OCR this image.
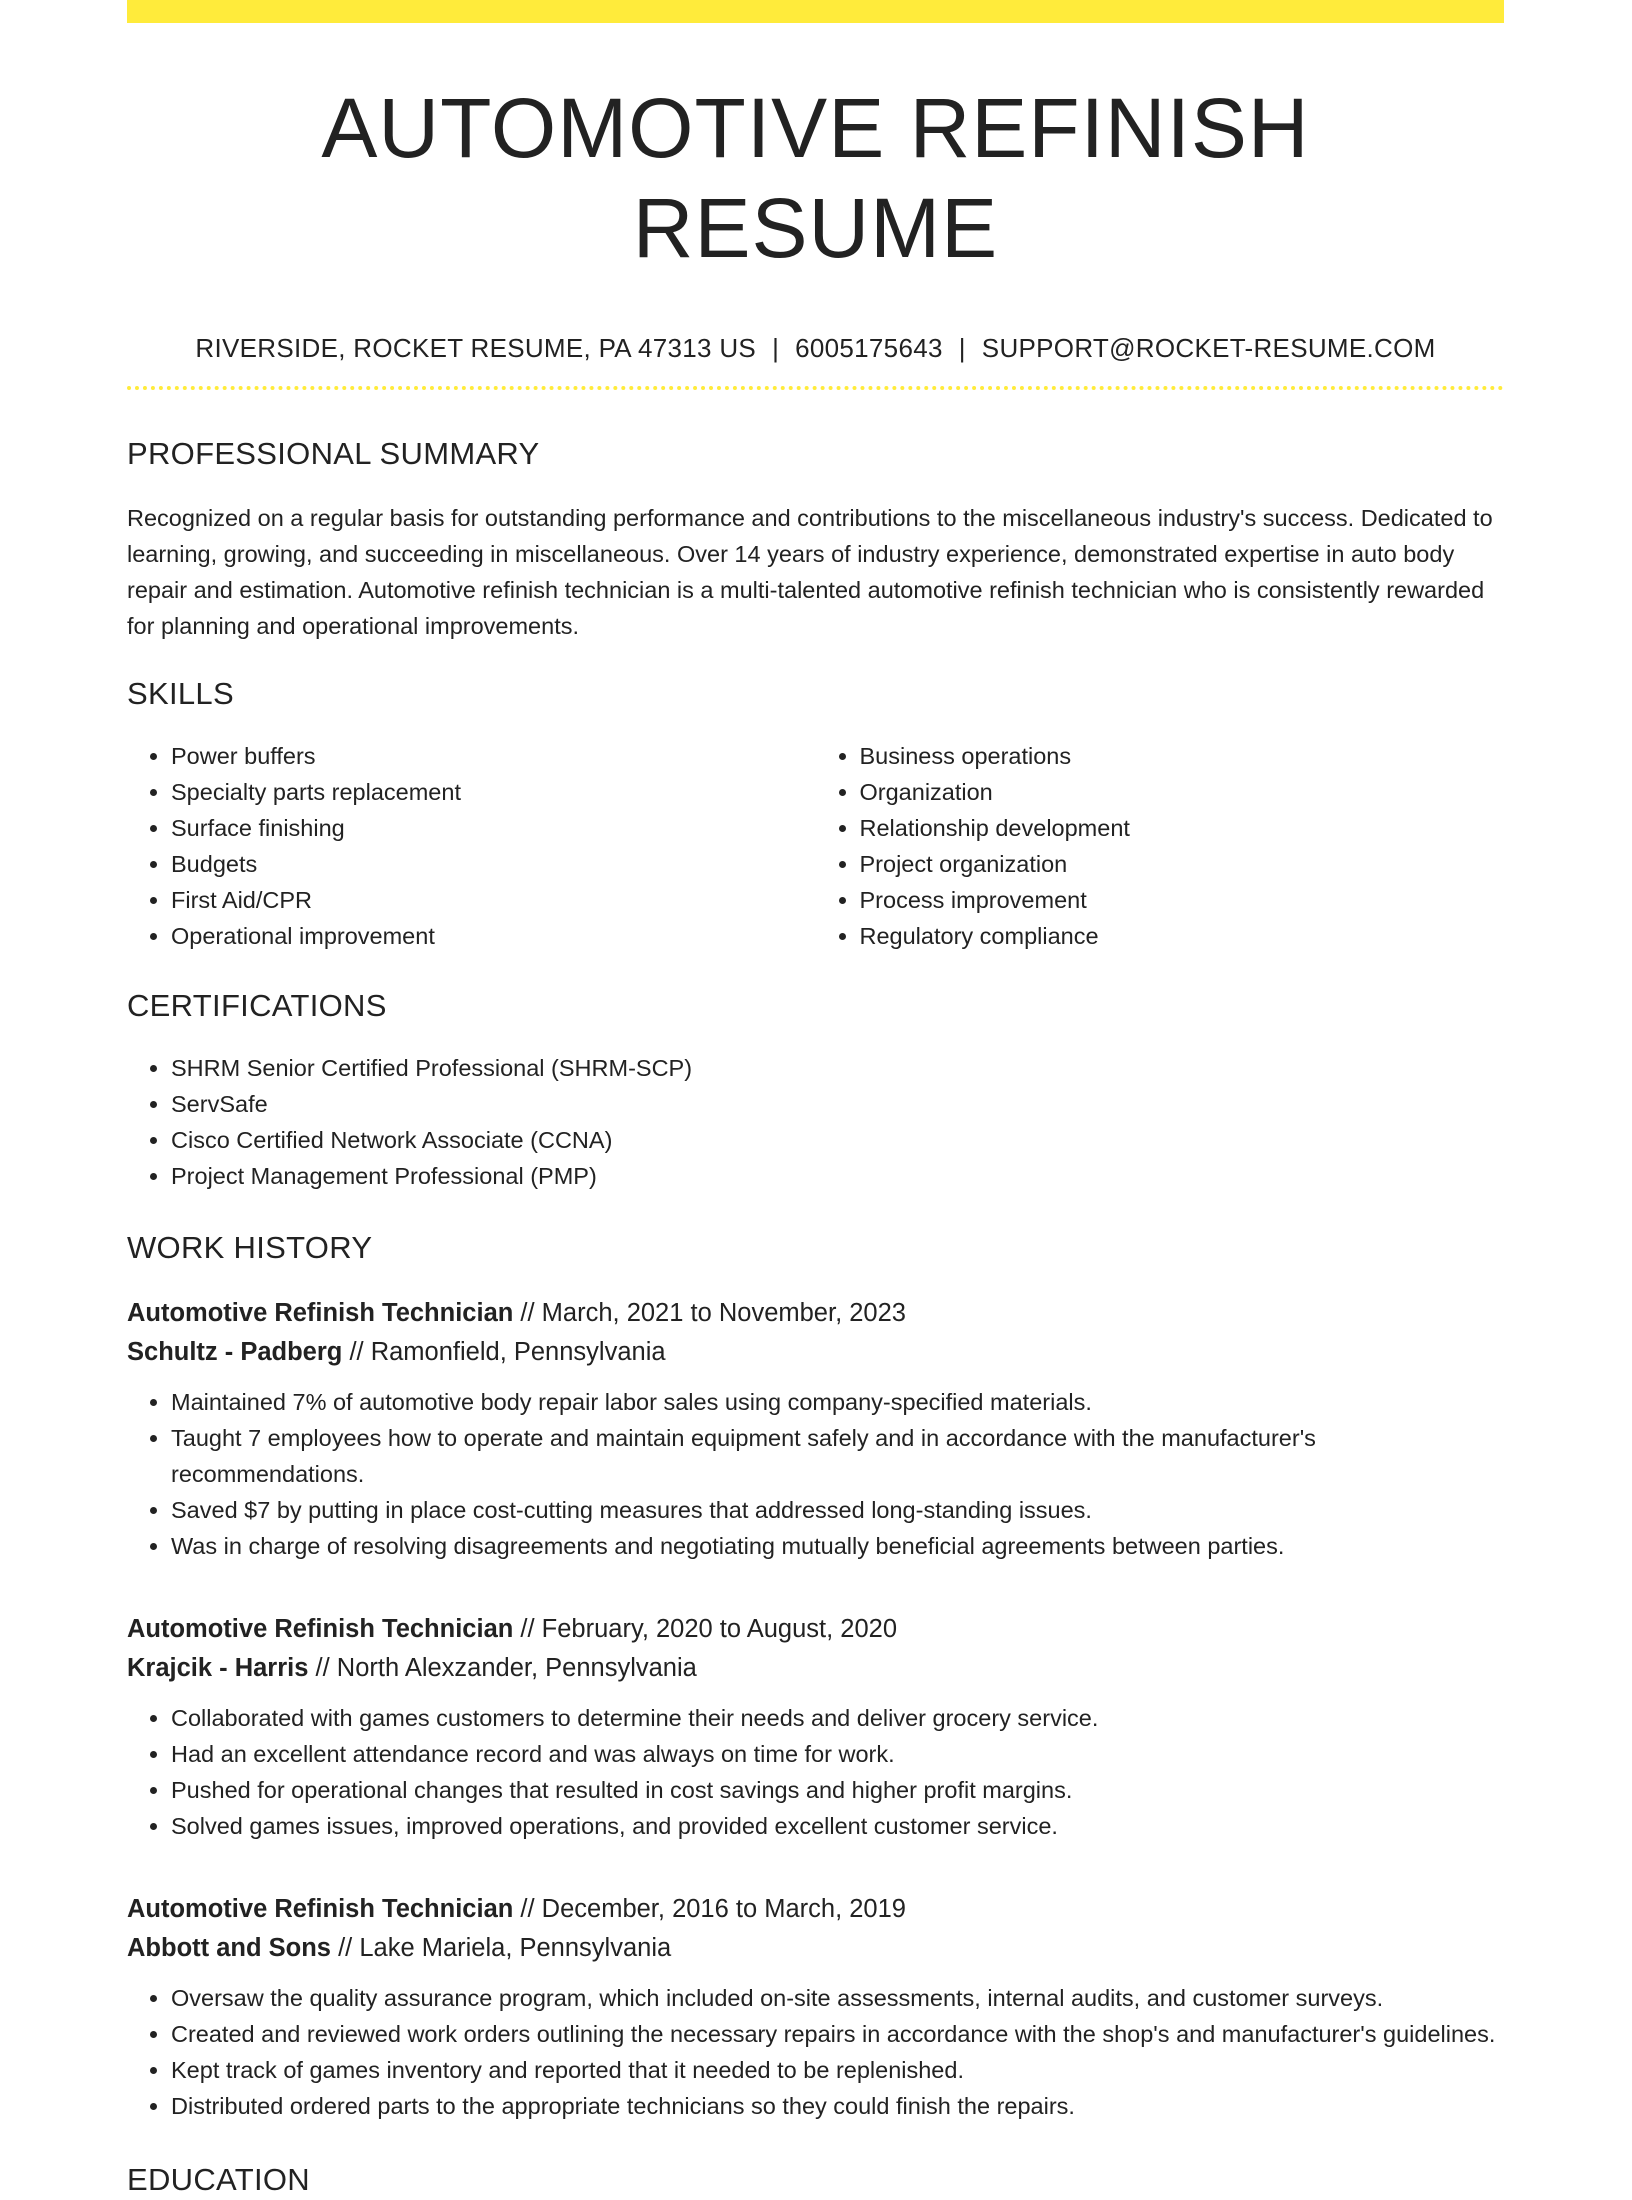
AUTOMOTIVE REFINISH RESUME
RIVERSIDE, ROCKET RESUME, PA 47313 US | 6005175643 | SUPPORT@ROCKET-RESUME.COM
PROFESSIONAL SUMMARY

Recognized on a regular basis for outstanding performance and contributions to the miscellaneous industry's success. Dedicated to learning, growing, and succeeding in miscellaneous. Over 14 years of industry experience, demonstrated expertise in auto body repair and estimation. Automotive refinish technician is a multi-talented automotive refinish technician who is consistently rewarded for planning and operational improvements.

SKILLS
• Power buffers
• Specialty parts replacement
• Surface finishing
• Budgets
• First Aid/CPR
• Operational improvement
• Business operations
• Organization
• Relationship development
• Project organization
• Process improvement
• Regulatory compliance
CERTIFICATIONS
• SHRM Senior Certified Professional (SHRM-SCP)
• ServSafe
• Cisco Certified Network Associate (CCNA)
• Project Management Professional (PMP)
WORK HISTORY
Automotive Refinish Technician // March, 2021 to November, 2023
Schultz - Padberg // Ramonfield, Pennsylvania
• Maintained 7% of automotive body repair labor sales using company-specified materials.
• Taught 7 employees how to operate and maintain equipment safely and in accordance with the manufacturer's recommendations.
• Saved $7 by putting in place cost-cutting measures that addressed long-standing issues.
• Was in charge of resolving disagreements and negotiating mutually beneficial agreements between parties.
Automotive Refinish Technician // February, 2020 to August, 2020
Krajcik - Harris // North Alexzander, Pennsylvania
• Collaborated with games customers to determine their needs and deliver grocery service.
• Had an excellent attendance record and was always on time for work.
• Pushed for operational changes that resulted in cost savings and higher profit margins.
• Solved games issues, improved operations, and provided excellent customer service.
Automotive Refinish Technician // December, 2016 to March, 2019
Abbott and Sons // Lake Mariela, Pennsylvania
• Oversaw the quality assurance program, which included on-site assessments, internal audits, and customer surveys.
• Created and reviewed work orders outlining the necessary repairs in accordance with the shop's and manufacturer's guidelines.
• Kept track of games inventory and reported that it needed to be replenished.
• Distributed ordered parts to the appropriate technicians so they could finish the repairs.
EDUCATION
